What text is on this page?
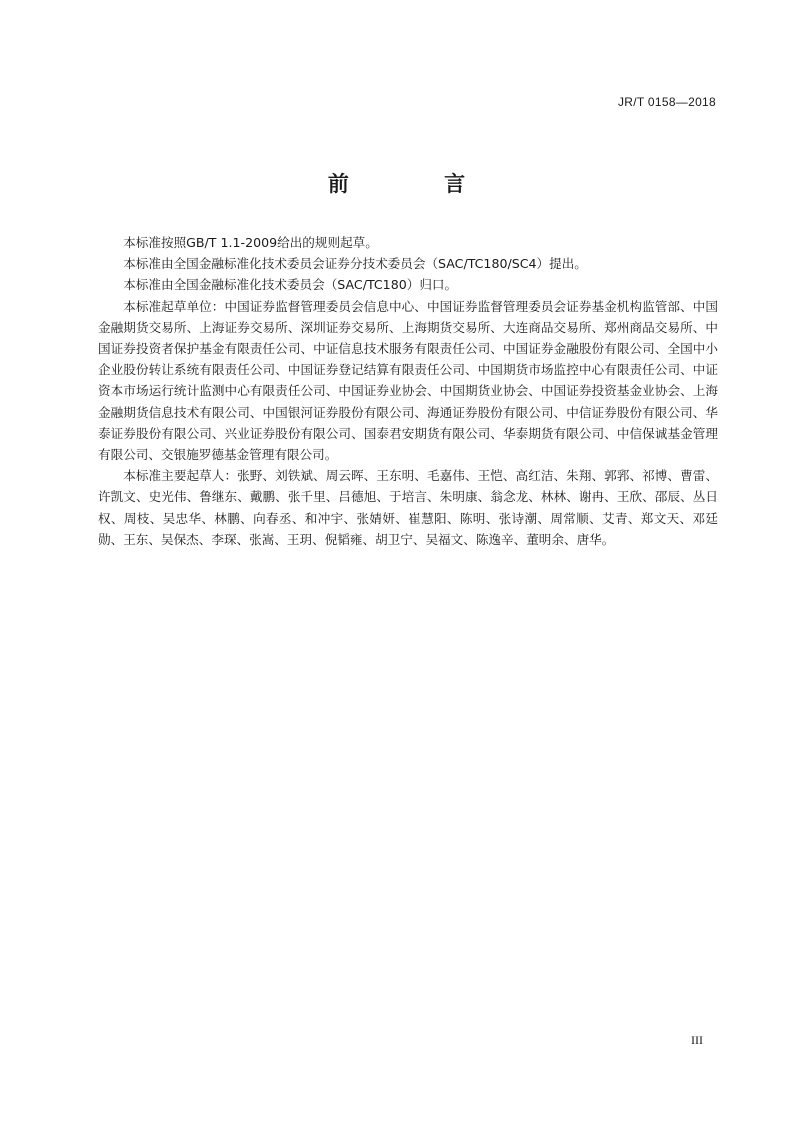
JR/T 0158—2018
前 言

本标准按照GB/T 1.1-2009给出的规则起草。

本标准由全国金融标准化技术委员会证券分技术委员会（SAC/TC180/SC4）提出。

本标准由全国金融标准化技术委员会（SAC/TC180）归口。

本标准起草单位：中国证券监督管理委员会信息中心、中国证券监督管理委员会证券基金机构监管部、中国金融期货交易所、上海证券交易所、深圳证券交易所、上海期货交易所、大连商品交易所、郑州商品交易所、中国证券投资者保护基金有限责任公司、中证信息技术服务有限责任公司、中国证券金融股份有限公司、全国中小企业股份转让系统有限责任公司、中国证券登记结算有限责任公司、中国期货市场监控中心有限责任公司、中证资本市场运行统计监测中心有限责任公司、中国证券业协会、中国期货业协会、中国证券投资基金业协会、上海金融期货信息技术有限公司、中国银河证券股份有限公司、海通证券股份有限公司、中信证券股份有限公司、华泰证券股份有限公司、兴业证券股份有限公司、国泰君安期货有限公司、华泰期货有限公司、中信保诚基金管理有限公司、交银施罗德基金管理有限公司。

本标准主要起草人：张野、刘铁斌、周云晖、王东明、毛嘉伟、王恺、高红洁、朱翔、郭郛、祁博、曹雷、许凯文、史光伟、鲁继东、戴鹏、张千里、吕德旭、于培言、朱明康、翁念龙、林林、谢冉、王欣、邵辰、丛日权、周枝、吴忠华、林鹏、向春丞、和冲宇、张婧妍、崔慧阳、陈明、张诗潮、周常顺、艾青、郑文天、邓廷勋、王东、吴保杰、李琛、张嵩、王玥、倪韬雍、胡卫宁、吴福文、陈逸辛、董明余、唐华。

III
